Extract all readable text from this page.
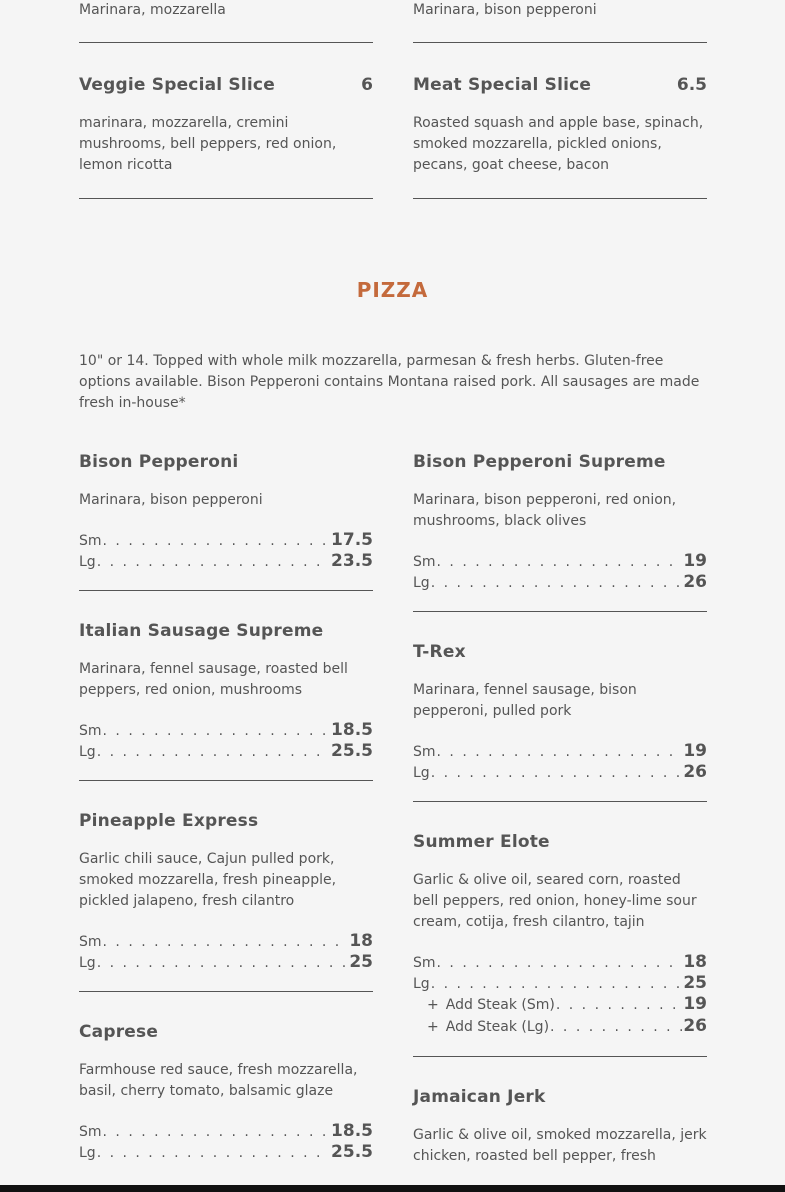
Marinara, mozzarella
Veggie Special Slice	6
marinara, mozzarella, cremini mushrooms, bell peppers, red onion, lemon ricotta
Marinara, bison pepperoni
Meat Special Slice	6.5
Roasted squash and apple base, spinach, smoked mozzarella, pickled onions, pecans, goat cheese, bacon
PIZZA
10" or 14. Topped with whole milk mozzarella, parmesan & fresh herbs. Gluten-free options available. Bison Pepperoni contains Montana raised pork. All sausages are made fresh in-house*
Bison Pepperoni
Marinara, bison pepperoni
Sm . . .	17.5
Lg . . .	23.5
Italian Sausage Supreme
Marinara, fennel sausage, roasted bell peppers, red onion, mushrooms
Sm . . .	18.5
Lg . . .	25.5
Pineapple Express
Garlic chili sauce, Cajun pulled pork, smoked mozzarella, fresh pineapple, pickled jalapeno, fresh cilantro
Sm . . .	18
Lg . . .	25
Caprese
Farmhouse red sauce, fresh mozzarella, basil, cherry tomato, balsamic glaze
Sm . . .	18.5
Lg . . .	25.5
Bison Pepperoni Supreme
Marinara, bison pepperoni, red onion, mushrooms, black olives
Sm . . .	19
Lg . . .	26
T-Rex
Marinara, fennel sausage, bison pepperoni, pulled pork
Sm . . .	19
Lg . . .	26
Summer Elote
Garlic & olive oil, seared corn, roasted bell peppers, red onion, honey-lime sour cream, cotija, fresh cilantro, tajin
Sm . . .	18
Lg . . .	25
+ Add Steak (Sm) . . .	19
+ Add Steak (Lg) . . .	26
Jamaican Jerk
Garlic & olive oil, smoked mozzarella, jerk chicken, roasted bell pepper, fresh
